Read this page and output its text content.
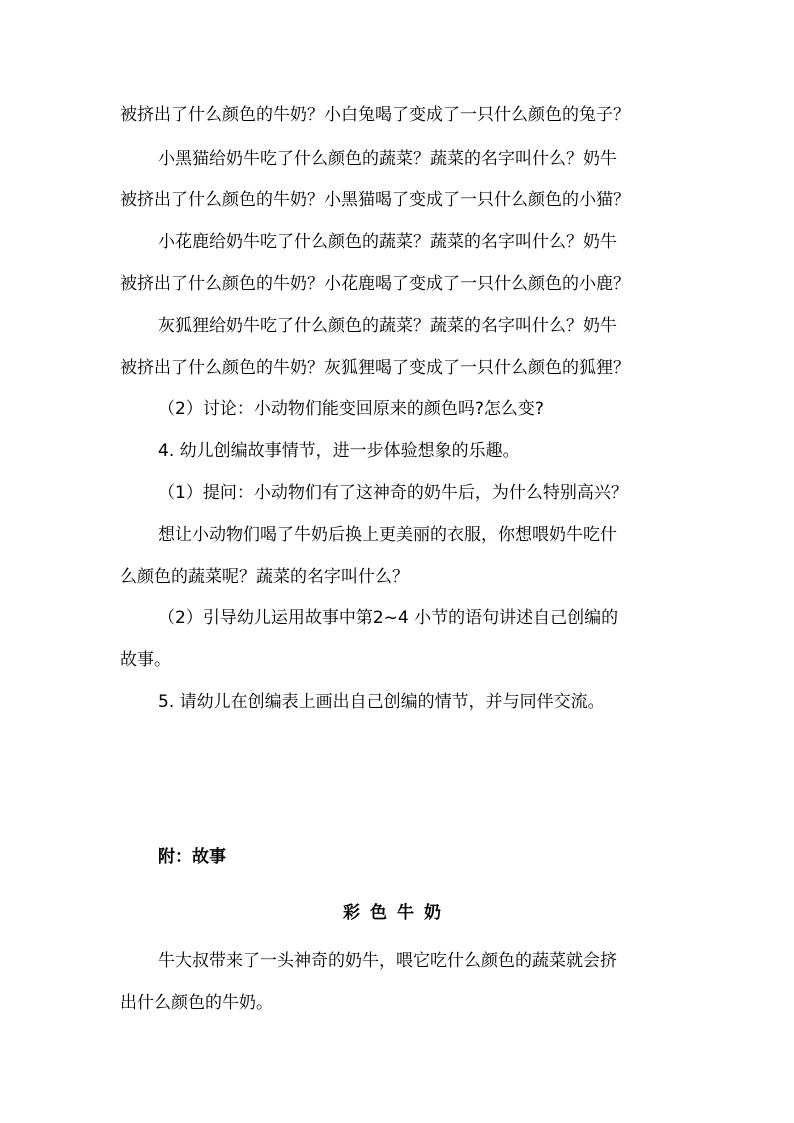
被挤出了什么颜色的牛奶？小白兔喝了变成了一只什么颜色的兔子？
小黑猫给奶牛吃了什么颜色的蔬菜？蔬菜的名字叫什么？奶牛
被挤出了什么颜色的牛奶？小黑猫喝了变成了一只什么颜色的小猫？
小花鹿给奶牛吃了什么颜色的蔬菜？蔬菜的名字叫什么？奶牛
被挤出了什么颜色的牛奶？小花鹿喝了变成了一只什么颜色的小鹿？
灰狐狸给奶牛吃了什么颜色的蔬菜？蔬菜的名字叫什么？奶牛
被挤出了什么颜色的牛奶？灰狐狸喝了变成了一只什么颜色的狐狸？
（2）讨论：小动物们能变回原来的颜色吗?怎么变?
4. 幼儿创编故事情节，进一步体验想象的乐趣。
（1）提问：小动物们有了这神奇的奶牛后，为什么特别高兴？
想让小动物们喝了牛奶后换上更美丽的衣服，你想喂奶牛吃什
么颜色的蔬菜呢？蔬菜的名字叫什么？
（2）引导幼儿运用故事中第2~4 小节的语句讲述自己创编的
故事。
5. 请幼儿在创编表上画出自己创编的情节，并与同伴交流。
附：故事
彩色牛奶
牛大叔带来了一头神奇的奶牛，喂它吃什么颜色的蔬菜就会挤
出什么颜色的牛奶。
